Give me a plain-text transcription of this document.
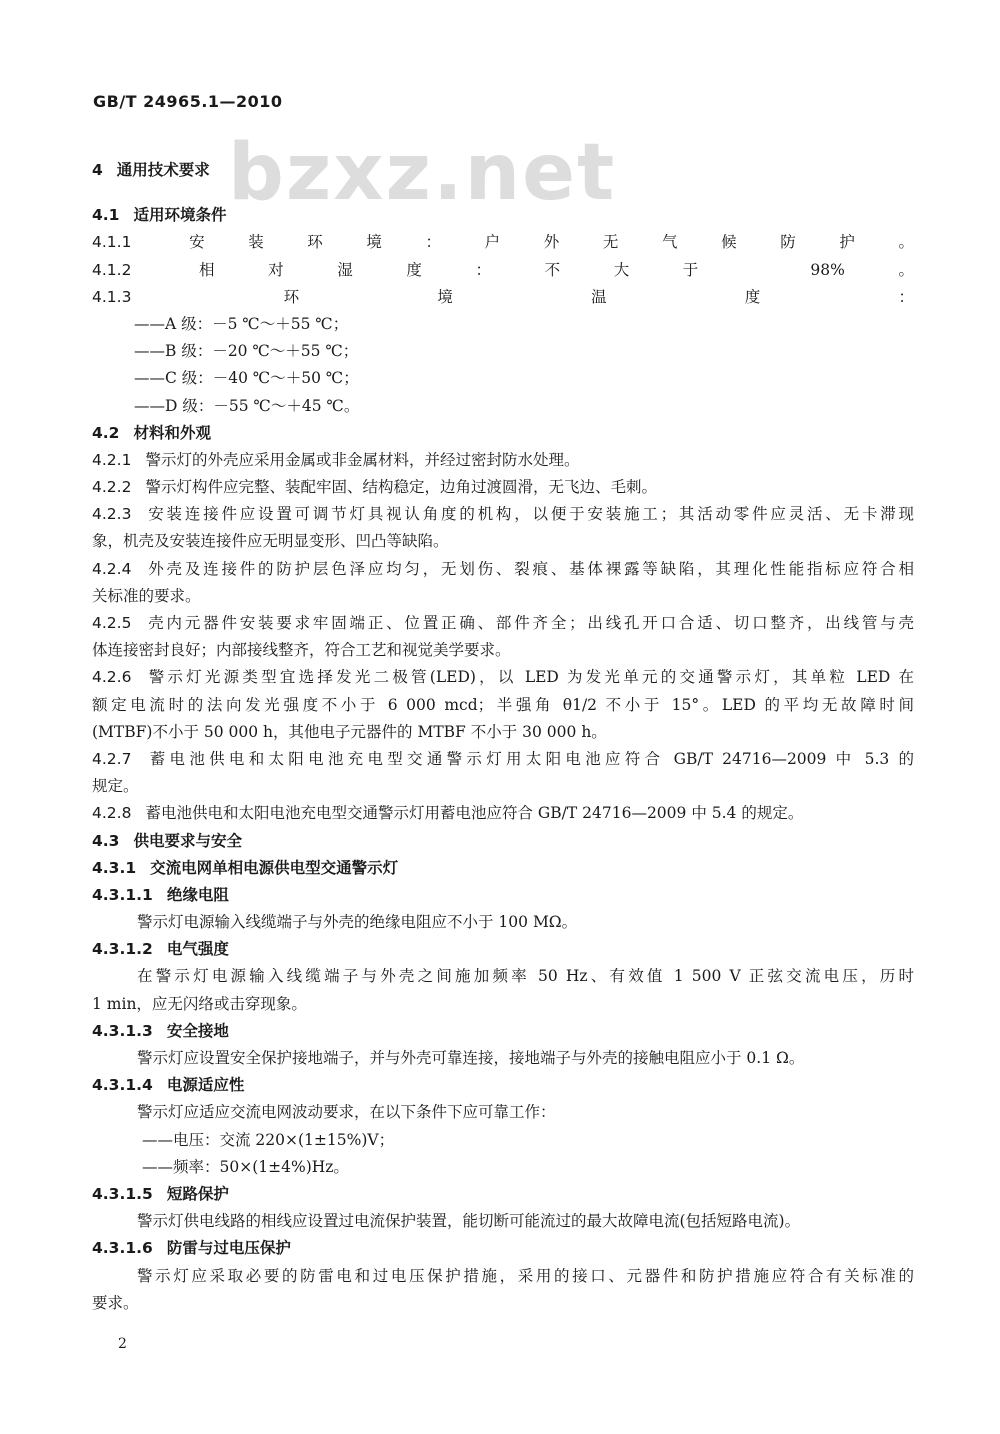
GB/T 24965.1—2010
bzxz.net
4 通用技术要求
4.1 适用环境条件
4.1.1 安装环境：户外无气候防护。
4.1.2 相对湿度：不大于 98%。
4.1.3 环境温度：
——A 级：－5 ℃～＋55 ℃；
——B 级：－20 ℃～＋55 ℃；
——C 级：－40 ℃～＋50 ℃；
——D 级：－55 ℃～＋45 ℃。
4.2 材料和外观
4.2.1 警示灯的外壳应采用金属或非金属材料，并经过密封防水处理。
4.2.2 警示灯构件应完整、装配牢固、结构稳定，边角过渡圆滑，无飞边、毛刺。
4.2.3 安装连接件应设置可调节灯具视认角度的机构，以便于安装施工；其活动零件应灵活、无卡滞现
象，机壳及安装连接件应无明显变形、凹凸等缺陷。
4.2.4 外壳及连接件的防护层色泽应均匀，无划伤、裂痕、基体裸露等缺陷，其理化性能指标应符合相
关标准的要求。
4.2.5 壳内元器件安装要求牢固端正、位置正确、部件齐全；出线孔开口合适、切口整齐，出线管与壳
体连接密封良好；内部接线整齐，符合工艺和视觉美学要求。
4.2.6 警示灯光源类型宜选择发光二极管(LED)，以 LED 为发光单元的交通警示灯，其单粒 LED 在
额定电流时的法向发光强度不小于 6 000 mcd；半强角 θ1/2 不小于 15°。LED 的平均无故障时间
(MTBF)不小于 50 000 h，其他电子元器件的 MTBF 不小于 30 000 h。
4.2.7 蓄电池供电和太阳电池充电型交通警示灯用太阳电池应符合 GB/T 24716—2009 中 5.3 的
规定。
4.2.8 蓄电池供电和太阳电池充电型交通警示灯用蓄电池应符合 GB/T 24716—2009 中 5.4 的规定。
4.3 供电要求与安全
4.3.1 交流电网单相电源供电型交通警示灯
4.3.1.1 绝缘电阻
警示灯电源输入线缆端子与外壳的绝缘电阻应不小于 100 MΩ。
4.3.1.2 电气强度
在警示灯电源输入线缆端子与外壳之间施加频率 50 Hz、有效值 1 500 V 正弦交流电压，历时
1 min，应无闪络或击穿现象。
4.3.1.3 安全接地
警示灯应设置安全保护接地端子，并与外壳可靠连接，接地端子与外壳的接触电阻应小于 0.1 Ω。
4.3.1.4 电源适应性
警示灯应适应交流电网波动要求，在以下条件下应可靠工作：
——电压：交流 220×(1±15%)V；
——频率：50×(1±4%)Hz。
4.3.1.5 短路保护
警示灯供电线路的相线应设置过电流保护装置，能切断可能流过的最大故障电流(包括短路电流)。
4.3.1.6 防雷与过电压保护
警示灯应采取必要的防雷电和过电压保护措施，采用的接口、元器件和防护措施应符合有关标准的
要求。
2
